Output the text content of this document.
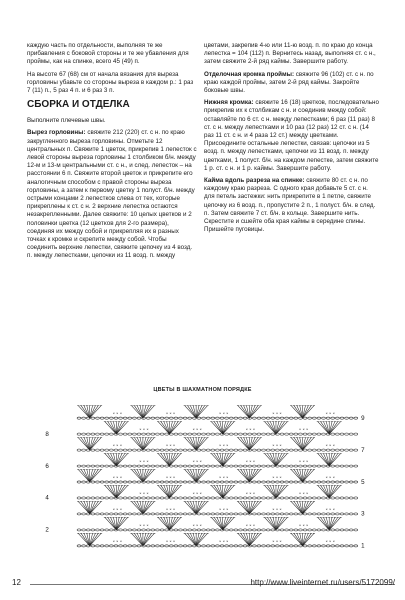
каждую часть по отдельности, выполняя те же прибавления с боковой стороны и те же убавления для проймы, как на спинке, всего 45 (49) п.

На высоте 67 (68) см от начала вязания для выреза горловины убавьте со стороны выреза в каждом р.: 1 раз 7 (11) п., 5 раз 4 п. и 6 раз 3 п.

СБОРКА И ОТДЕЛКА

Выполните плечевые швы.

Вырез горловины: свяжите 212 (220) ст. с н. по краю закругленного выреза горловины. Отметьте 12 центральных п. Свяжите 1 цветок, прикрепив 1 лепесток с левой стороны выреза горловины 1 столбиком б/н. между 12-м и 13-м центральными ст. с н., и след. лепесток – на расстоянии 6 п. Свяжите второй цветок и прикрепите его аналогичным способом с правой стороны выреза горловины, а затем к первому цветку 1 полуст. б/н. между острыми концами 2 лепестков слева от тех, которые прикреплены к ст. с н. 2 верхние лепестка остаются незакрепленными. Далее свяжите: 10 целых цветков и 2 половинки цветка (12 цветков для 2-го размера), соединяя их между собой и прикрепляя их в разных точках к кромке и скрепите между собой. Чтобы соединить верхние лепестки, свяжите цепочку из 4 возд. п. между лепестками, цепочки из 11 возд. п. между

цветами, закрепив 4-ю или 11-ю возд. п. по краю до конца лепестка = 104 (112) п. Вернитесь назад, выполняя ст. с н., затем свяжите 2-й ряд каймы. Завершите работу.

Отделочная кромка проймы: свяжите 96 (102) ст. с н. по краю каждой проймы, затем 2-й ряд каймы. Закройте боковые швы.

Нижняя кромка: свяжите 16 (18) цветков, последовательно прикрепив их к столбикам с н. и соединив между собой: оставляйте по 6 ст. с н. между лепестками; 6 раз (11 раз) 8 ст. с н. между лепестками и 10 раз (12 раз) 12 ст. с н. (14 раз 11 ст. с н. и 4 раза 12 ст.) между цветками. Присоедините остальные лепестки, связав: цепочки из 5 возд. п. между лепестками, цепочки из 11 возд. п. между цветками, 1 полуст. б/н. на каждом лепестке, затем свяжите 1 р. ст. с н. и 1 р. каймы. Завершите работу.

Кайма вдоль разреза на спинке: свяжите 80 ст. с н. по каждому краю разреза. С одного края добавьте 5 ст. с н. для петель застежки: нить прикрепите в 1 петле, свяжите цепочку из 6 возд. п., пропустите 2 п., 1 полуст. б/н. в след. п. Затем свяжите 7 ст. б/н. в кольце. Завершите нить. Скрестите и сшейте оба края каймы в середине спины. Пришейте пуговицы.

ЦВЕТЫ В ШАХМАТНОМ ПОРЯДКЕ
× × ×	× × ×	× × ×	× × ×	× × ×
× × ×	× × ×	× × ×	× × ×
× × ×	× × ×	× × ×	× × ×	× × ×
× × ×	× × ×	× × ×	× × ×
× × ×	× × ×	× × ×	× × ×	× × ×
× × ×	× × ×	× × ×	× × ×
× × ×	× × ×	× × ×	× × ×	× × ×
× × ×	× × ×	× × ×	× × ×
× × ×	× × ×	× × ×	× × ×	× × ×
8
6
4
2
9
7
5
3
1
12	http://www.liveinternet.ru/users/5172099/
